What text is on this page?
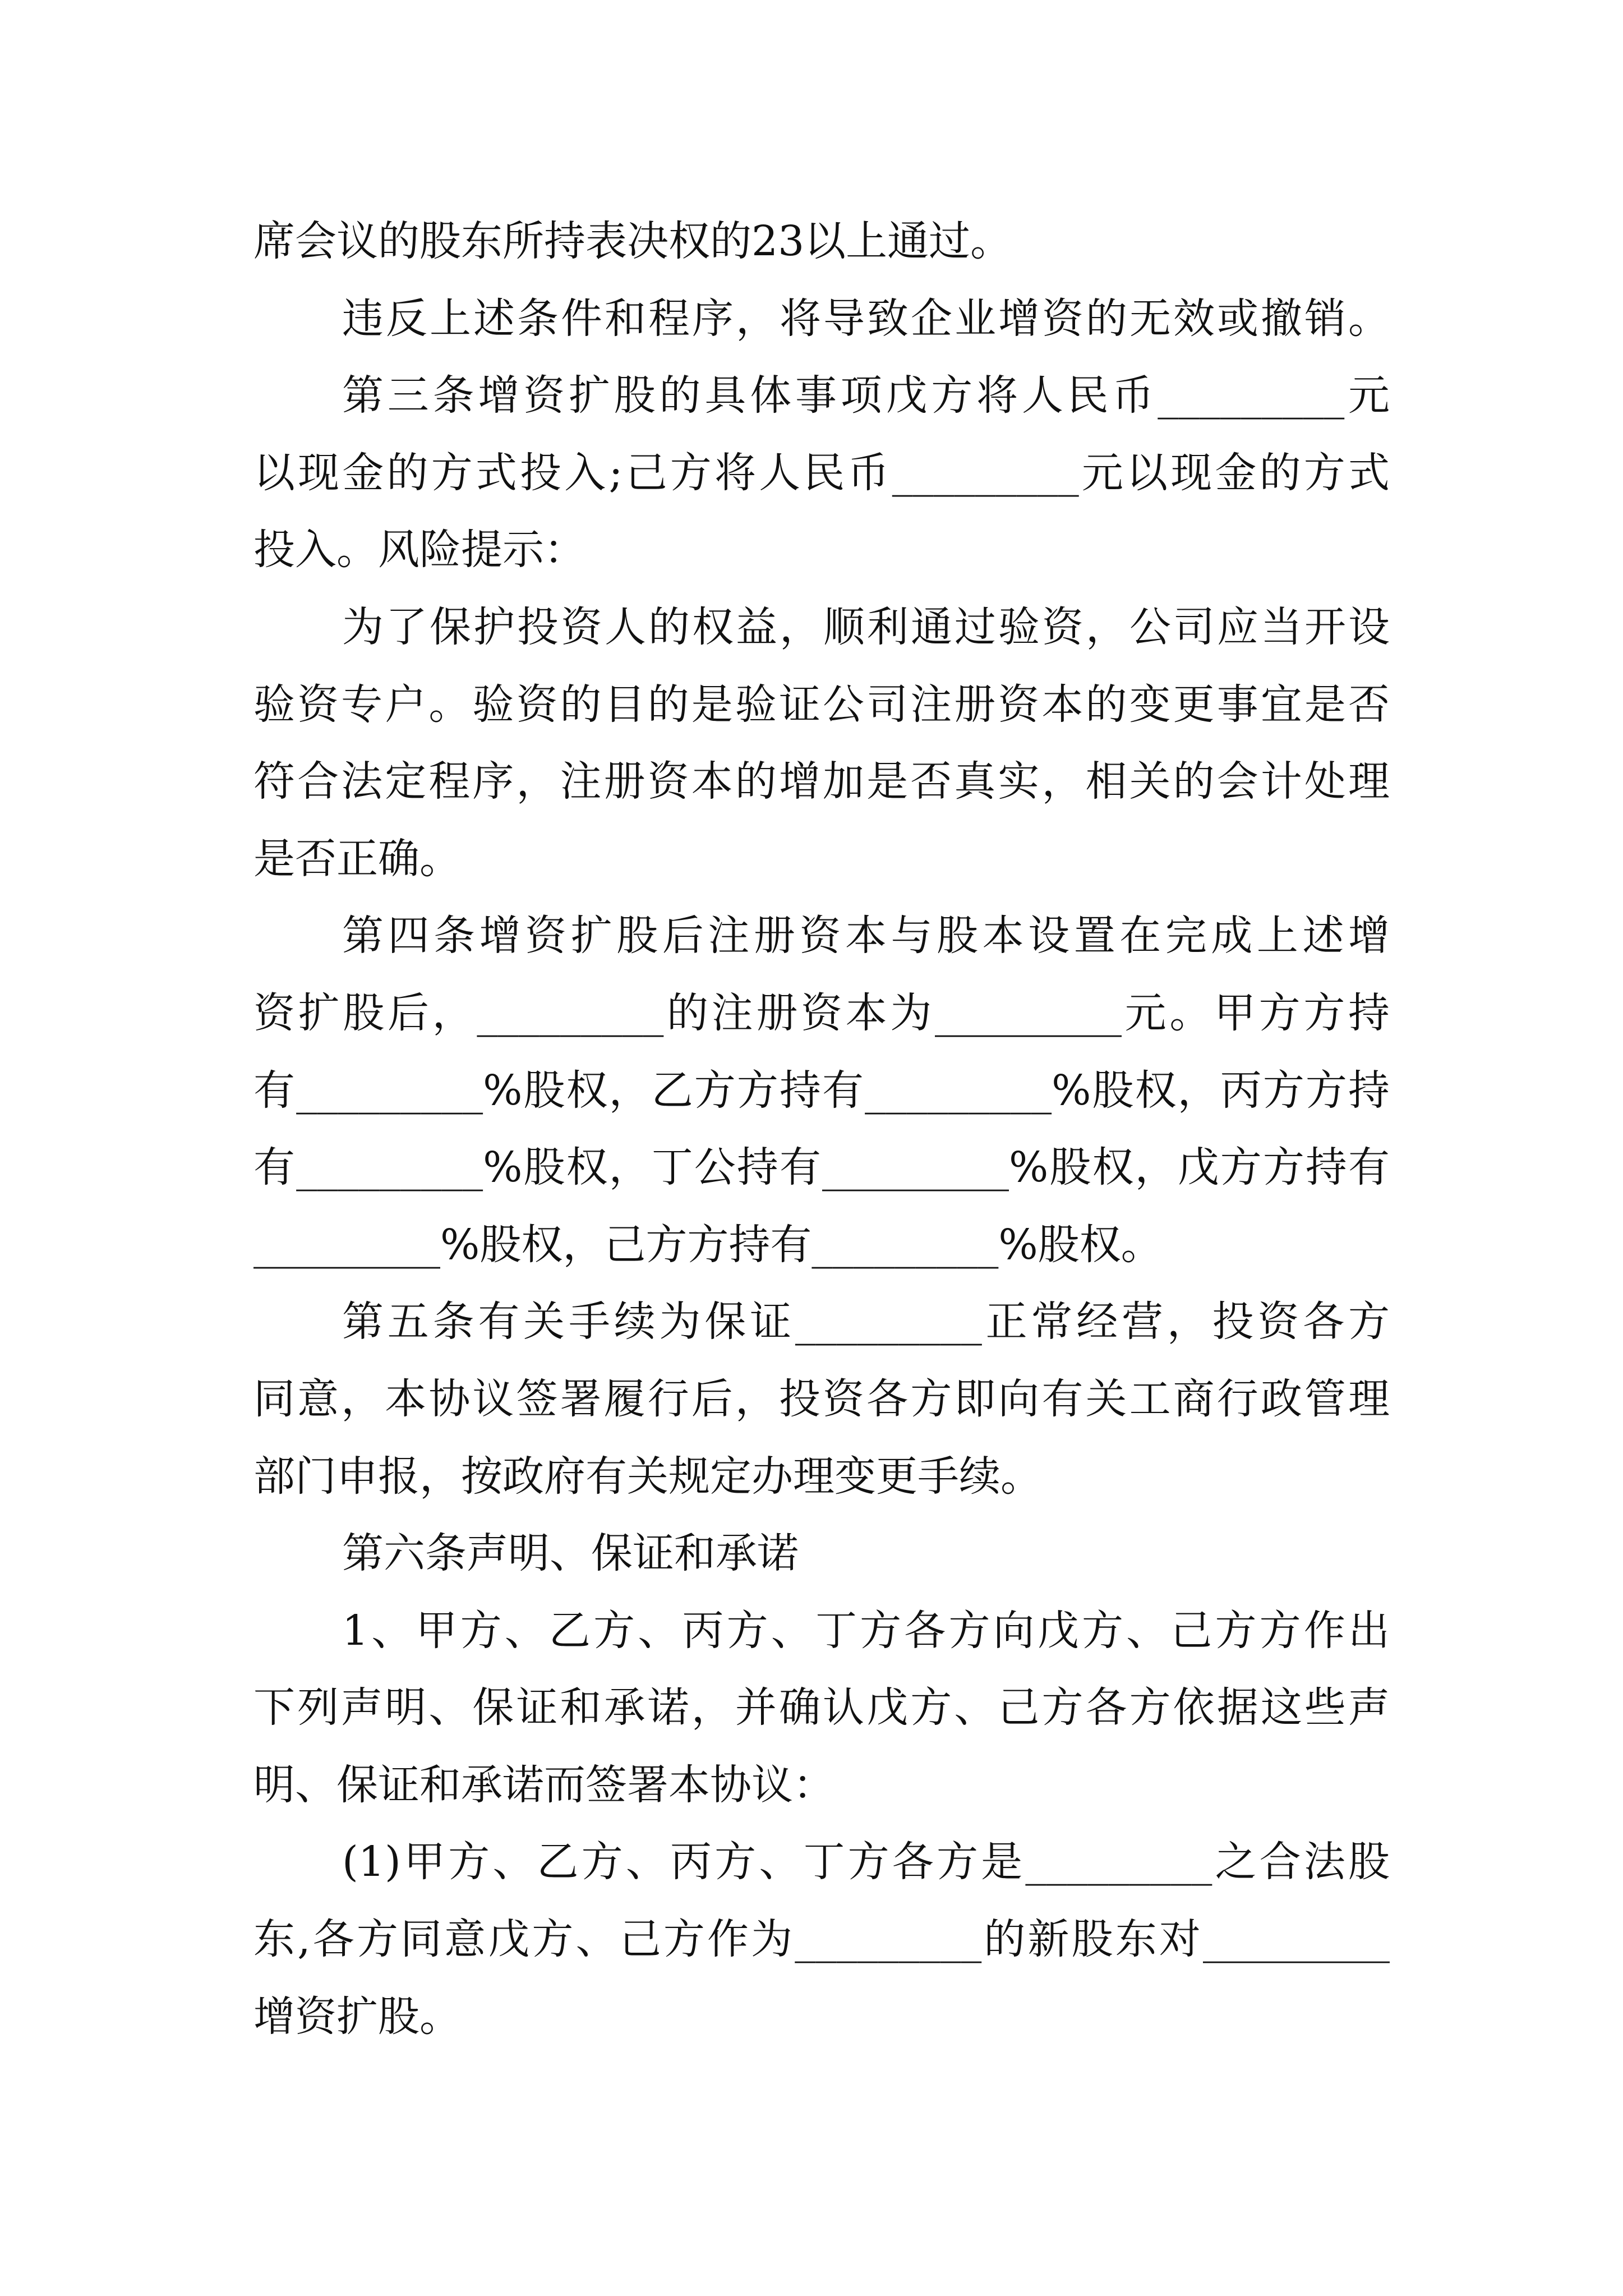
席会议的股东所持表决权的23以上通过。
违反上述条件和程序，将导致企业增资的无效或撤销。
第三条增资扩股的具体事项戊方将人民币_________元
以现金的方式投入;己方将人民币_________元以现金的方式
投入。风险提示：
为了保护投资人的权益，顺利通过验资，公司应当开设
验资专户。验资的目的是验证公司注册资本的变更事宜是否
符合法定程序，注册资本的增加是否真实，相关的会计处理
是否正确。
第四条增资扩股后注册资本与股本设置在完成上述增
资扩股后，_________的注册资本为_________元。甲方方持
有_________%股权，乙方方持有_________%股权，丙方方持
有_________%股权，丁公持有_________%股权，戊方方持有
_________%股权，己方方持有_________%股权。
第五条有关手续为保证_________正常经营，投资各方
同意，本协议签署履行后，投资各方即向有关工商行政管理
部门申报，按政府有关规定办理变更手续。
第六条声明、保证和承诺
1、甲方、乙方、丙方、丁方各方向戊方、己方方作出
下列声明、保证和承诺，并确认戊方、己方各方依据这些声
明、保证和承诺而签署本协议：
(1)甲方、乙方、丙方、丁方各方是_________之合法股
东,各方同意戊方、己方作为_________的新股东对_________
增资扩股。
